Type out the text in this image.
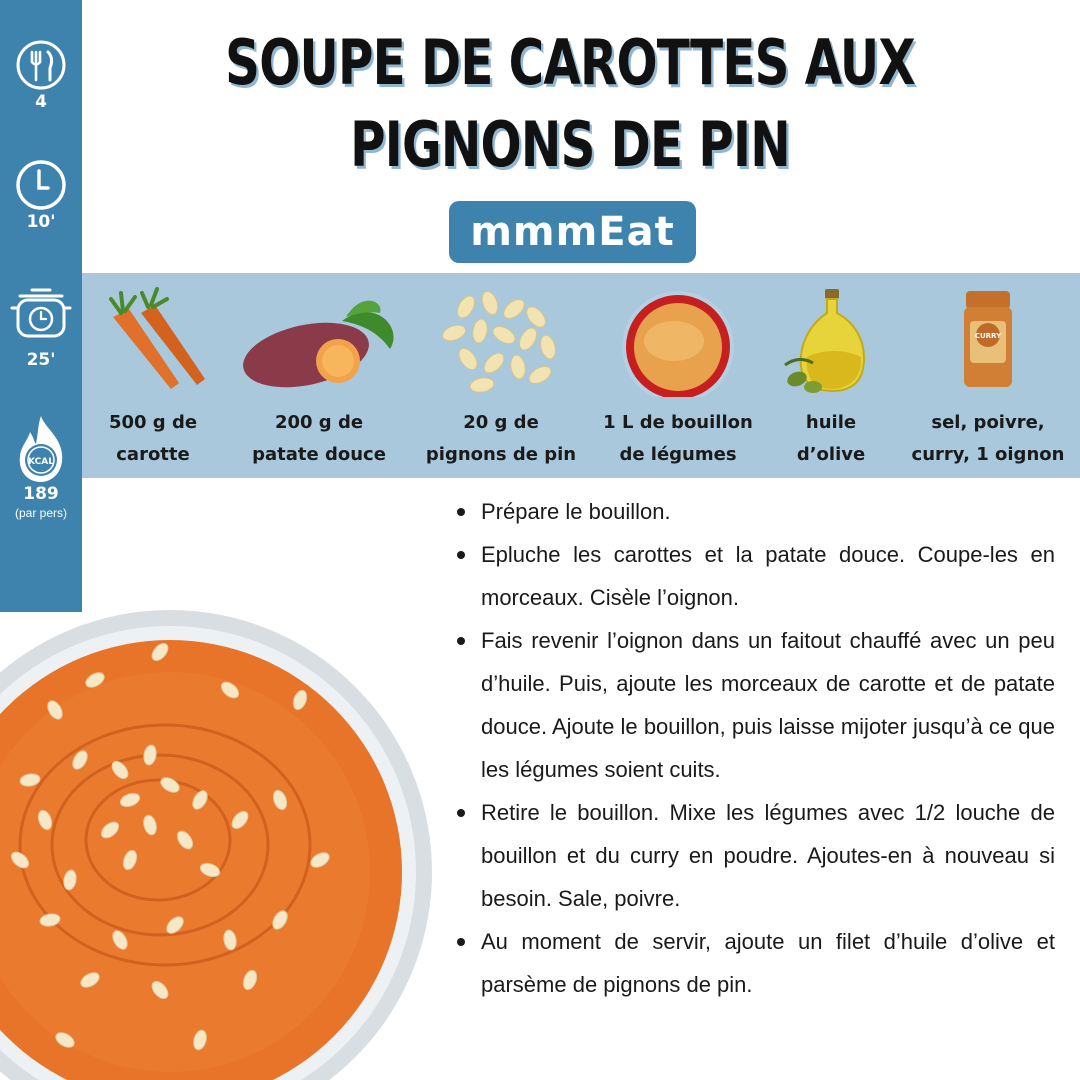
4
10'
25'
KCAL
189
(par pers)
SOUPE DE CAROTTES AUX PIGNONS DE PIN
mmmEat
500 g de
carotte
200 g de
patate douce
20 g de
pignons de pin
1 L de bouillon
de légumes
huile
d’olive
CURRY
sel, poivre,
curry, 1 oignon
Prépare le bouillon.
Epluche les carottes et la patate douce. Coupe-les en morceaux. Cisèle l’oignon.
Fais revenir l’oignon dans un faitout chauffé avec un peu d’huile. Puis, ajoute les morceaux de carotte et de patate douce. Ajoute le bouillon, puis laisse mijoter jusqu’à ce que les légumes soient cuits.
Retire le bouillon. Mixe les légumes avec 1/2 louche de bouillon et du curry en poudre. Ajoutes-en à nouveau si besoin. Sale, poivre.
Au moment de servir, ajoute un filet d’huile d’olive et parsème de pignons de pin.
